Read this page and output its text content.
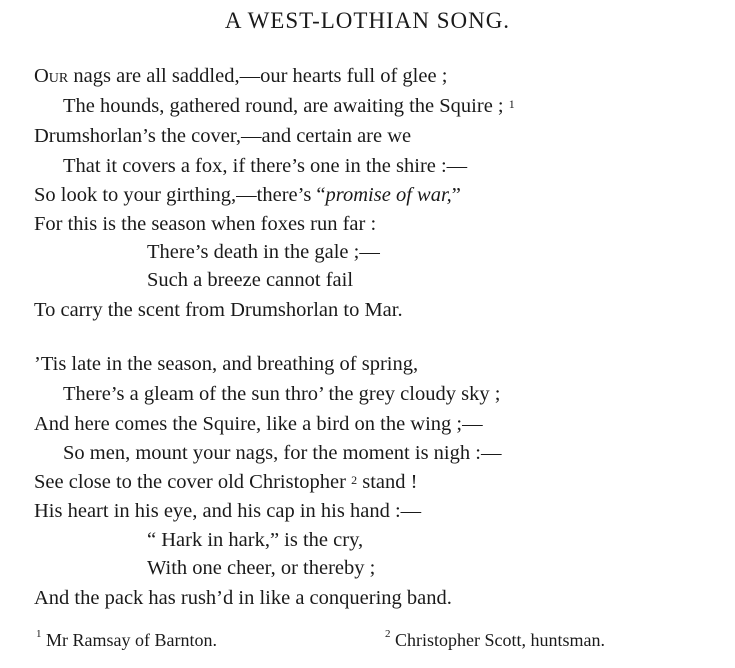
A WEST-LOTHIAN SONG.
Our nags are all saddled,—our hearts full of glee ;
The hounds, gathered round, are awaiting the Squire ; $^1$
Drumshorlan’s the cover,—and certain are we
That it covers a fox, if there’s one in the shire :—
So look to your girthing,—there’s “promise of war,”
For this is the season when foxes run far :
There’s death in the gale ;—
Such a breeze cannot fail
To carry the scent from Drumshorlan to Mar.
’Tis late in the season, and breathing of spring,
There’s a gleam of the sun thro’ the grey cloudy sky ;
And here comes the Squire, like a bird on the wing ;—
So men, mount your nags, for the moment is nigh :—
See close to the cover old Christopher $^2$ stand !
His heart in his eye, and his cap in his hand :—
“ Hark in hark,” is the cry,
With one cheer, or thereby ;
And the pack has rush’d in like a conquering band.
$^1$ Mr Ramsay of Barnton.	$^2$ Christopher Scott, huntsman.
